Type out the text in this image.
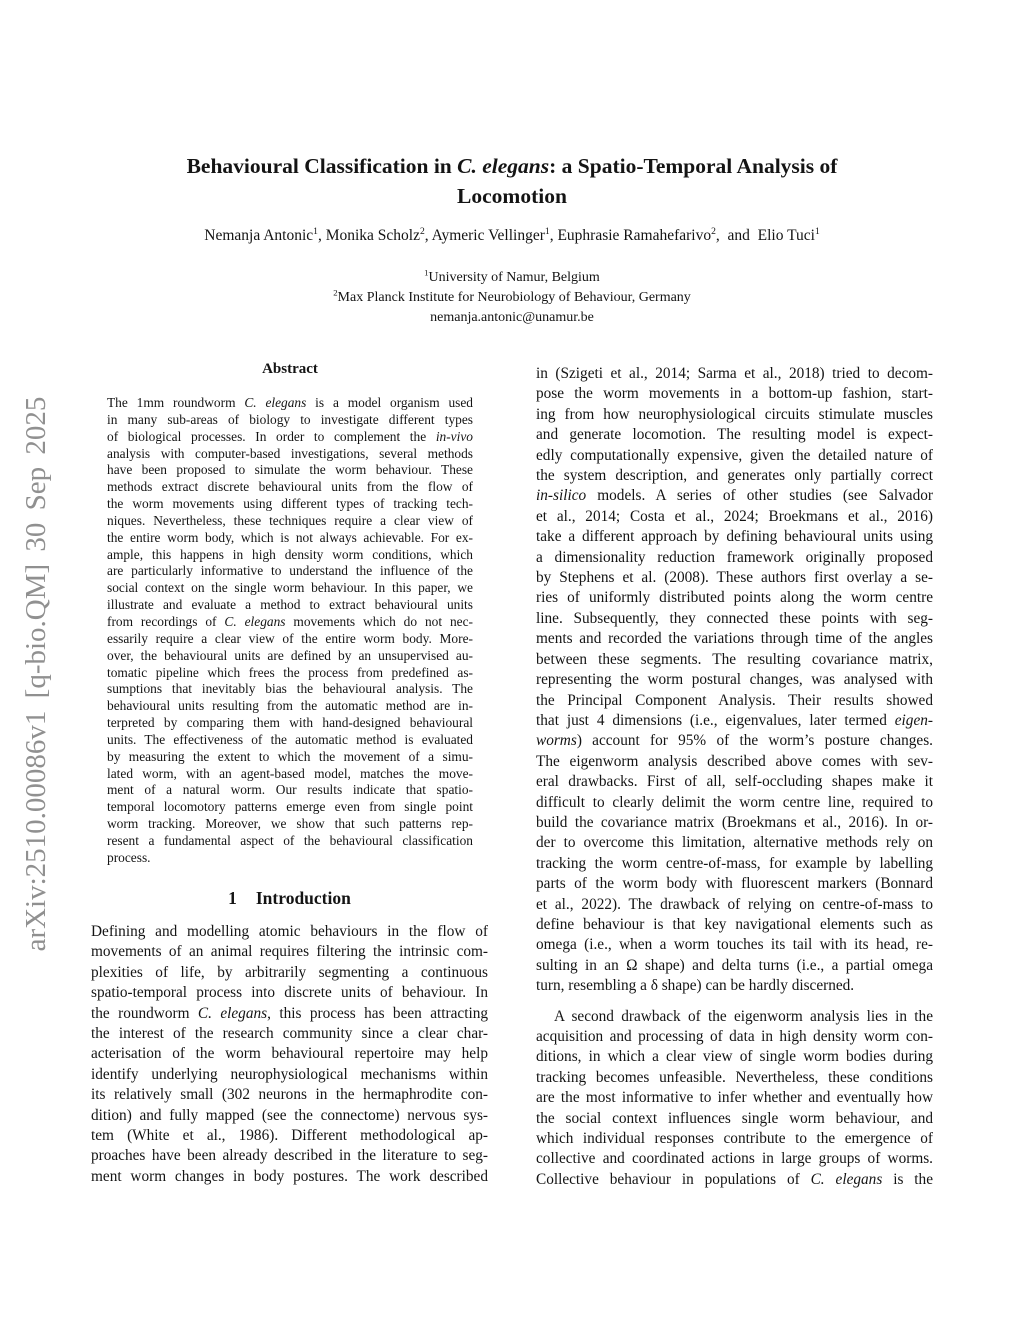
arXiv:2510.00086v1 [q-bio.QM] 30 Sep 2025
Behavioural Classification in C. elegans: a Spatio-Temporal Analysis of
Locomotion
Nemanja Antonic$^1$, Monika Scholz$^2$, Aymeric Vellinger$^1$, Euphrasie Ramahefarivo$^2$, and Elio Tuci$^1$
$^1$University of Namur, Belgium
$^2$Max Planck Institute for Neurobiology of Behaviour, Germany
nemanja.antonic@unamur.be
Abstract
The 1mm roundworm C. elegans is a model organism used
in many sub-areas of biology to investigate different types
of biological processes. In order to complement the in-vivo
analysis with computer-based investigations, several methods
have been proposed to simulate the worm behaviour. These
methods extract discrete behavioural units from the flow of
the worm movements using different types of tracking tech-
niques. Nevertheless, these techniques require a clear view of
the entire worm body, which is not always achievable. For ex-
ample, this happens in high density worm conditions, which
are particularly informative to understand the influence of the
social context on the single worm behaviour. In this paper, we
illustrate and evaluate a method to extract behavioural units
from recordings of C. elegans movements which do not nec-
essarily require a clear view of the entire worm body. More-
over, the behavioural units are defined by an unsupervised au-
tomatic pipeline which frees the process from predefined as-
sumptions that inevitably bias the behavioural analysis. The
behavioural units resulting from the automatic method are in-
terpreted by comparing them with hand-designed behavioural
units. The effectiveness of the automatic method is evaluated
by measuring the extent to which the movement of a simu-
lated worm, with an agent-based model, matches the move-
ment of a natural worm. Our results indicate that spatio-
temporal locomotory patterns emerge even from single point
worm tracking. Moreover, we show that such patterns rep-
resent a fundamental aspect of the behavioural classification
process.
1 Introduction
Defining and modelling atomic behaviours in the flow of
movements of an animal requires filtering the intrinsic com-
plexities of life, by arbitrarily segmenting a continuous
spatio-temporal process into discrete units of behaviour. In
the roundworm C. elegans, this process has been attracting
the interest of the research community since a clear char-
acterisation of the worm behavioural repertoire may help
identify underlying neurophysiological mechanisms within
its relatively small (302 neurons in the hermaphrodite con-
dition) and fully mapped (see the connectome) nervous sys-
tem (White et al., 1986). Different methodological ap-
proaches have been already described in the literature to seg-
ment worm changes in body postures. The work described
in (Szigeti et al., 2014; Sarma et al., 2018) tried to decom-
pose the worm movements in a bottom-up fashion, start-
ing from how neurophysiological circuits stimulate muscles
and generate locomotion. The resulting model is expect-
edly computationally expensive, given the detailed nature of
the system description, and generates only partially correct
in-silico models. A series of other studies (see Salvador
et al., 2014; Costa et al., 2024; Broekmans et al., 2016)
take a different approach by defining behavioural units using
a dimensionality reduction framework originally proposed
by Stephens et al. (2008). These authors first overlay a se-
ries of uniformly distributed points along the worm centre
line. Subsequently, they connected these points with seg-
ments and recorded the variations through time of the angles
between these segments. The resulting covariance matrix,
representing the worm postural changes, was analysed with
the Principal Component Analysis. Their results showed
that just 4 dimensions (i.e., eigenvalues, later termed eigen-
worms) account for 95% of the worm’s posture changes.
The eigenworm analysis described above comes with sev-
eral drawbacks. First of all, self-occluding shapes make it
difficult to clearly delimit the worm centre line, required to
build the covariance matrix (Broekmans et al., 2016). In or-
der to overcome this limitation, alternative methods rely on
tracking the worm centre-of-mass, for example by labelling
parts of the worm body with fluorescent markers (Bonnard
et al., 2022). The drawback of relying on centre-of-mass to
define behaviour is that key navigational elements such as
omega (i.e., when a worm touches its tail with its head, re-
sulting in an Ω shape) and delta turns (i.e., a partial omega
turn, resembling a δ shape) can be hardly discerned.
A second drawback of the eigenworm analysis lies in the
acquisition and processing of data in high density worm con-
ditions, in which a clear view of single worm bodies during
tracking becomes unfeasible. Nevertheless, these conditions
are the most informative to infer whether and eventually how
the social context influences single worm behaviour, and
which individual responses contribute to the emergence of
collective and coordinated actions in large groups of worms.
Collective behaviour in populations of C. elegans is the
